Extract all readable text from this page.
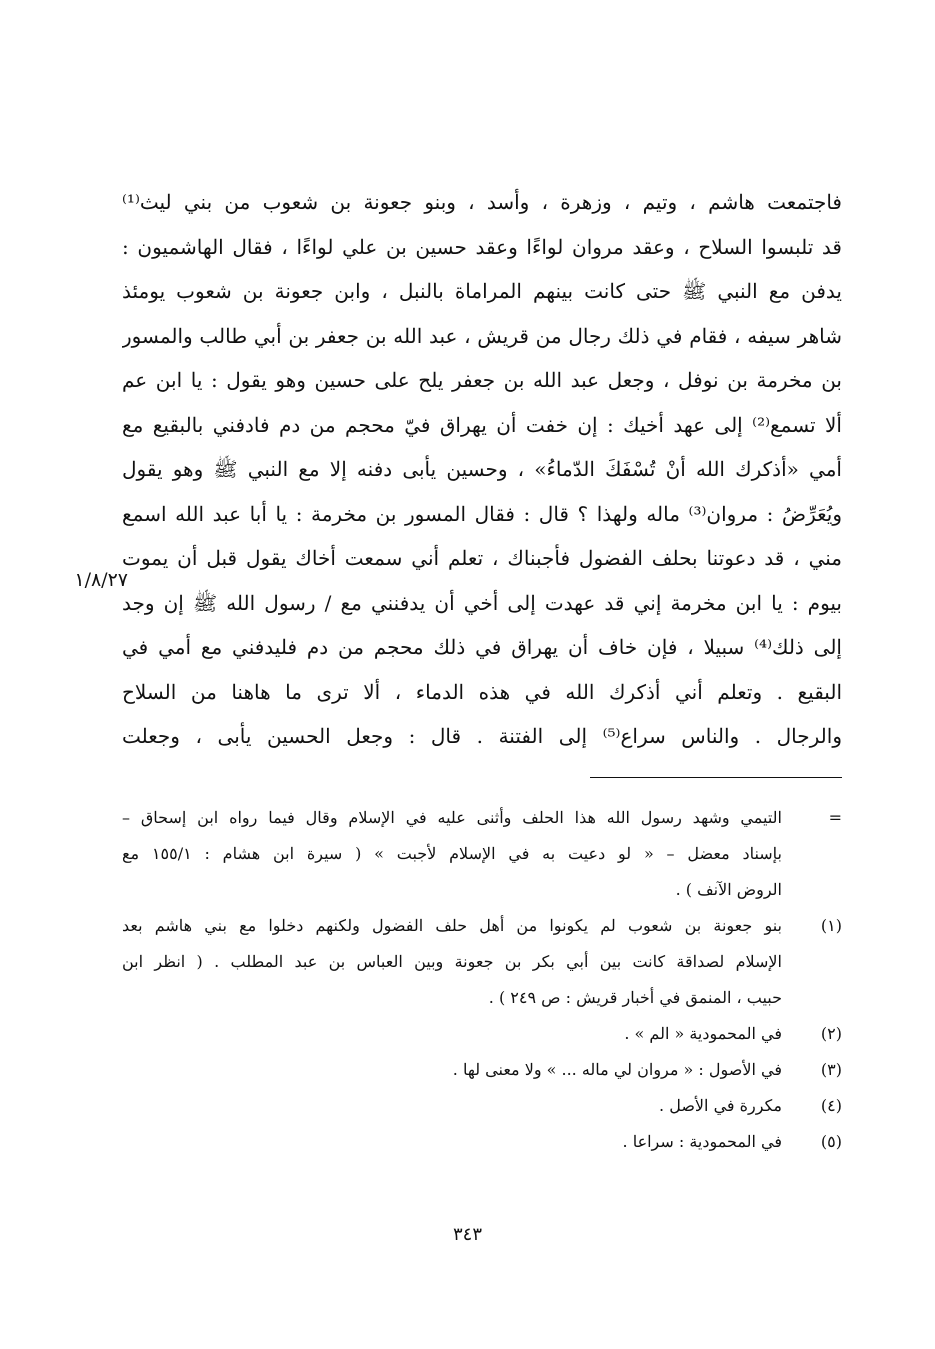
فاجتمعت هاشم ، وتيم ، وزهرة ، وأسد ، وبنو جعونة بن شعوب من بني ليث⁽¹⁾
قد تلبسوا السلاح ، وعقد مروان لواءًا وعقد حسين بن علي لواءًا ، فقال الهاشميون :
يدفن مع النبي ﷺ حتى كانت بينهم المراماة بالنبل ، وابن جعونة بن شعوب يومئذ
شاهر سيفه ، فقام في ذلك رجال من قريش ، عبد الله بن جعفر بن أبي طالب والمسور
بن مخرمة بن نوفل ، وجعل عبد الله بن جعفر يلح على حسين وهو يقول : يا ابن عم
ألا تسمع⁽²⁾ إلى عهد أخيك : إن خفت أن يهراق فيّ محجم من دم فادفني بالبقيع مع
أمي «أذكرك الله أنْ تُسْفَكَ الدّماءُ» ، وحسين يأبى دفنه إلا مع النبي ﷺ وهو يقول
ويُعَرِّضُ : مروان⁽³⁾ ماله ولهذا ؟ قال : فقال المسور بن مخرمة : يا أبا عبد الله اسمع
مني ، قد دعوتنا بحلف الفضول فأجبناك ، تعلم أني سمعت أخاك يقول قبل أن يموت
بيوم : يا ابن مخرمة إني قد عهدت إلى أخي أن يدفنني مع / رسول الله ﷺ إن وجد
إلى ذلك⁽⁴⁾ سبيلا ، فإن خاف أن يهراق في ذلك محجم من دم فليدفني مع أمي في
البقيع . وتعلم أني أذكرك الله في هذه الدماء ، ألا ترى ما هاهنا من السلاح
والرجال . والناس سراع⁽⁵⁾ إلى الفتنة . قال : وجعل الحسين يأبى ، وجعلت
١/٨/٢٧
=
التيمي وشهد رسول الله هذا الحلف وأثنى عليه في الإسلام وقال فيما رواه ابن إسحاق –
بإسناد معضل – « لو دعيت به في الإسلام لأجبت » ( سيرة ابن هشام : ١٥٥/١ مع
الروض الآنف ) .
(١)
بنو جعونة بن شعوب لم يكونوا من أهل حلف الفضول ولكنهم دخلوا مع بني هاشم بعد
الإسلام لصداقة كانت بين أبي بكر بن جعونة وبين العباس بن عبد المطلب . ( انظر ابن
حبيب ، المنمق في أخبار قريش : ص ٢٤٩ ) .
(٢)
في المحمودية « الم » .
(٣)
في الأصول : « مروان لي ماله ... » ولا معنى لها .
(٤)
مكررة في الأصل .
(٥)
في المحمودية : سراعا .
٣٤٣
